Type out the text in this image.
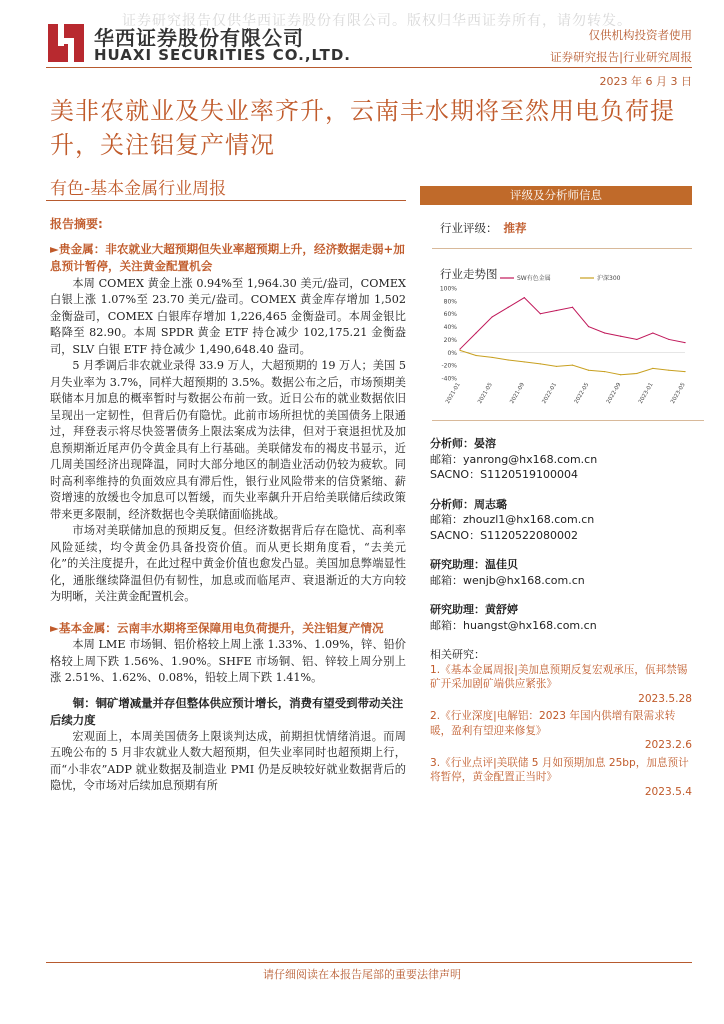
证券研究报告仅供华西证券股份有限公司。版权归华西证券所有，请勿转发。
华西证券股份有限公司
HUAXI SECURITIES CO.,LTD.
仅供机构投资者使用
证券研究报告|行业研究周报
2023 年 6 月 3 日
美非农就业及失业率齐升，云南丰水期将至然用电负荷提升，关注铝复产情况
有色-基本金属行业周报
报告摘要:
►贵金属：非农就业大超预期但失业率超预期上升，经济数据走弱+加息预计暂停，关注黄金配置机会
本周 COMEX 黄金上涨 0.94%至 1,964.30 美元/盎司，COMEX 白银上涨 1.07%至 23.70 美元/盎司。COMEX 黄金库存增加 1,502 金衡盎司，COMEX 白银库存增加 1,226,465 金衡盎司。本周金银比略降至 82.90。本周 SPDR 黄金 ETF 持仓减少 102,175.21 金衡盎司，SLV 白银 ETF 持仓减少 1,490,648.40 盎司。
5 月季调后非农就业录得 33.9 万人，大超预期的 19 万人；美国 5 月失业率为 3.7%，同样大超预期的 3.5%。数据公布之后，市场预期美联储本月加息的概率暂时与数据公布前一致。近日公布的就业数据依旧呈现出一定韧性，但背后仍有隐忧。此前市场所担忧的美国债务上限通过，拜登表示将尽快签署债务上限法案成为法律，但对于衰退担忧及加息预期渐近尾声仍令黄金具有上行基础。美联储发布的褐皮书显示，近几周美国经济出现降温，同时大部分地区的制造业活动仍较为疲软。同时高利率维持的负面效应具有滞后性，银行业风险带来的信贷紧缩、薪资增速的放缓也令加息可以暂缓，而失业率飙升开启给美联储后续政策带来更多限制，经济数据也令美联储面临挑战。
市场对美联储加息的预期反复。但经济数据背后存在隐忧、高利率风险延续，均令黄金仍具备投资价值。而从更长期角度看，“去美元化”的关注度提升，在此过程中黄金价值也愈发凸显。美国加息弊端显性化，通胀继续降温但仍有韧性，加息或而临尾声、衰退渐近的大方向较为明晰，关注黄金配置机会。
►基本金属：云南丰水期将至保障用电负荷提升，关注铝复产情况
本周 LME 市场铜、铝价格较上周上涨 1.33%、1.09%，锌、铅价格较上周下跌 1.56%、1.90%。SHFE 市场铜、铝、锌较上周分别上涨 2.51%、1.62%、0.08%，铅较上周下跌 1.41%。
铜：铜矿增减量并存但整体供应预计增长，消费有望受到带动关注后续力度
宏观面上，本周美国债务上限谈判达成，前期担忧情绪消退。而周五晚公布的 5 月非农就业人数大超预期，但失业率同时也超预期上行，而“小非农”ADP 就业数据及制造业 PMI 仍是反映较好就业数据背后的隐忧，令市场对后续加息预期有所
评级及分析师信息
行业评级： 推荐
行业走势图
100%
80%
60%
40%
20%
0%
-20%
-40%
2021-01	2021-05	2021-09	2022-01	2022-05	2022-09	2023-01	2023-05
SW有色金属	沪深300
分析师：晏溶
邮箱：yanrong@hx168.com.cn
SACNO：S1120519100004
分析师：周志璐
邮箱：zhouzl1@hx168.com.cn
SACNO：S1120522080002
研究助理：温佳贝
邮箱：wenjb@hx168.com.cn
研究助理：黄舒婷
邮箱：huangst@hx168.com.cn
相关研究：
1.《基本金属周报|美加息预期反复宏观承压，佤邦禁锡矿开采加剧矿端供应紧张》
2023.5.28
2.《行业深度|电解铝：2023 年国内供增有限需求转暖，盈利有望迎来修复》
2023.2.6
3.《行业点评|美联储 5 月如预期加息 25bp，加息预计将暂停，黄金配置正当时》
2023.5.4
请仔细阅读在本报告尾部的重要法律声明
